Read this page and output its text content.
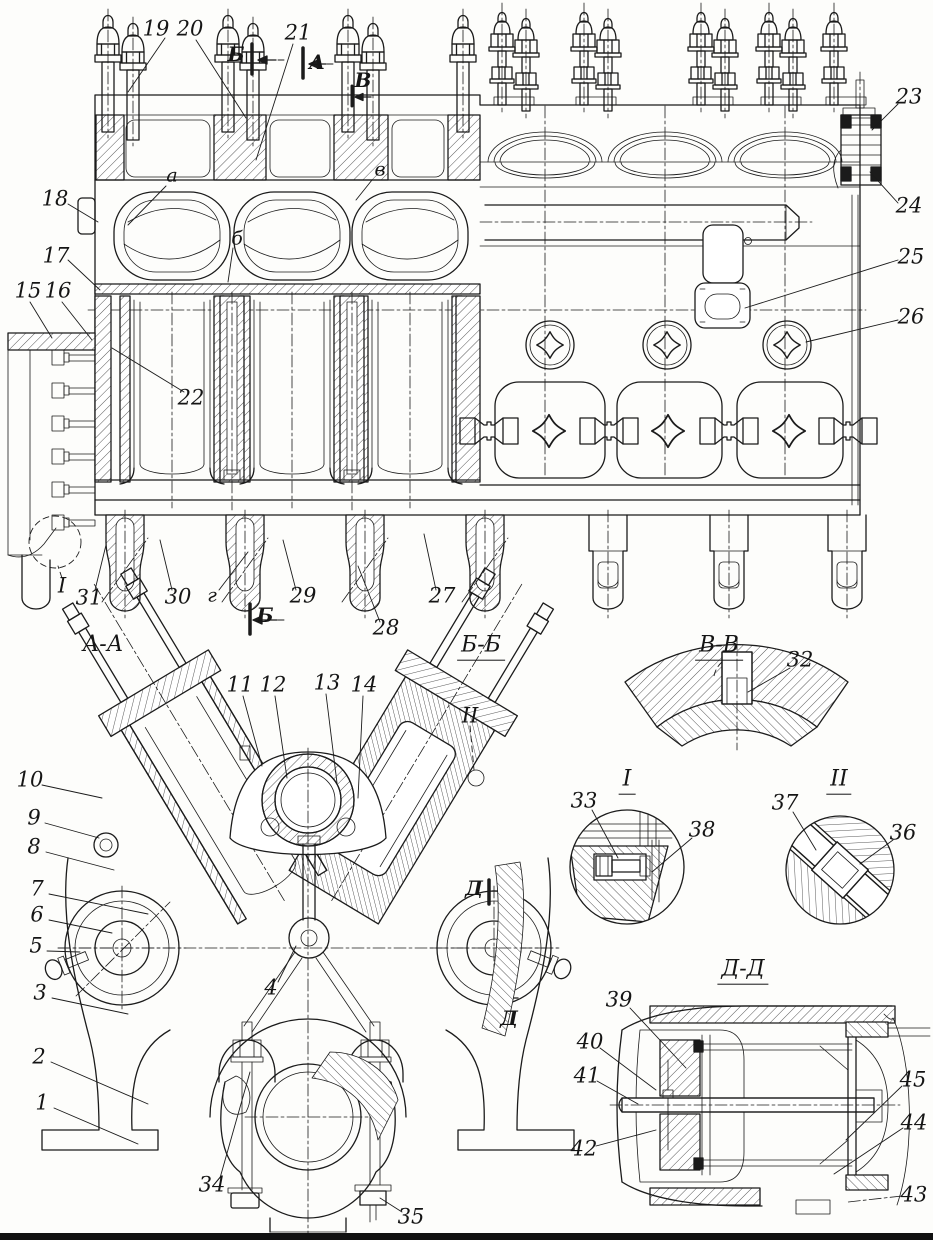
19 20	21
23
24
25
26
18
17
15 16
22
а
б
в
г
31	30	29
28
27
I
Б	А
В
Б
А-А	Б-Б
11 12 13 14
II
10
9
8
7
6
5
3
2
1
4
Д
Д
34
35
В-В
32
I
33
38
II
37
36
Д-Д
39
40
41
42
45
44
43
